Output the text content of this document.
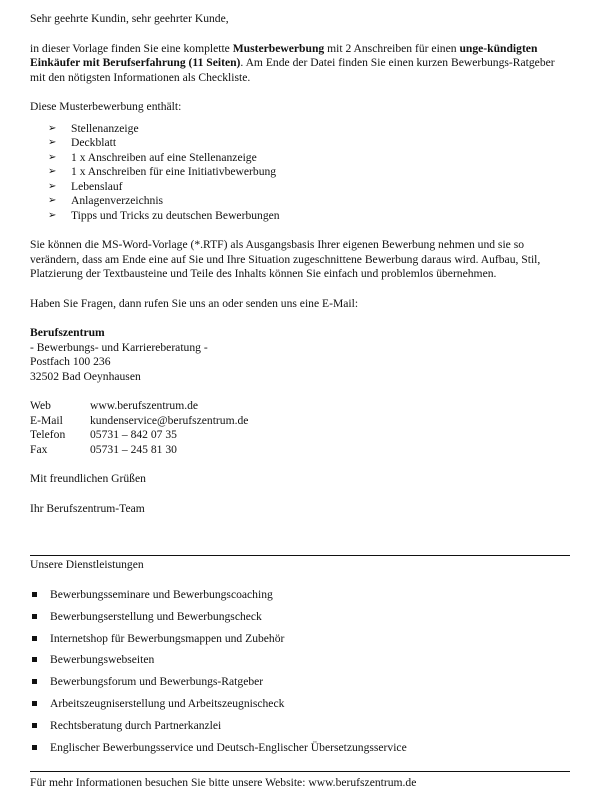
Sehr geehrte Kundin, sehr geehrter Kunde,

in dieser Vorlage finden Sie eine komplette Musterbewerbung mit 2 Anschreiben für einen unge-kündigten Einkäufer mit Berufserfahrung (11 Seiten). Am Ende der Datei finden Sie einen kurzen Bewerbungs-Ratgeber mit den nötigsten Informationen als Checkliste.

Diese Musterbewerbung enthält:

➢ Stellenanzeige
➢ Deckblatt
➢ 1 x Anschreiben auf eine Stellenanzeige
➢ 1 x Anschreiben für eine Initiativbewerbung
➢ Lebenslauf
➢ Anlagenverzeichnis
➢ Tipps und Tricks zu deutschen Bewerbungen

Sie können die MS-Word-Vorlage (*.RTF) als Ausgangsbasis Ihrer eigenen Bewerbung nehmen und sie so verändern, dass am Ende eine auf Sie und Ihre Situation zugeschnittene Bewerbung daraus wird. Aufbau, Stil, Platzierung der Textbausteine und Teile des Inhalts können Sie einfach und problemlos übernehmen.

Haben Sie Fragen, dann rufen Sie uns an oder senden uns eine E-Mail:

Berufszentrum

- Bewerbungs- und Karriereberatung -

Postfach 100 236

32502 Bad Oeynhausen

Web	www.berufszentrum.de
E-Mail	kundenservice@berufszentrum.de
Telefon	05731 – 842 07 35
Fax	05731 – 245 81 30

Mit freundlichen Grüßen

Ihr Berufszentrum-Team

Unsere Dienstleistungen

Bewerbungsseminare und Bewerbungscoaching
Bewerbungserstellung und Bewerbungscheck
Internetshop für Bewerbungsmappen und Zubehör
Bewerbungswebseiten
Bewerbungsforum und Bewerbungs-Ratgeber
Arbeitszeugniserstellung und Arbeitszeugnischeck
Rechtsberatung durch Partnerkanzlei
Englischer Bewerbungsservice und Deutsch-Englischer Übersetzungsservice

Für mehr Informationen besuchen Sie bitte unsere Website: www.berufszentrum.de
